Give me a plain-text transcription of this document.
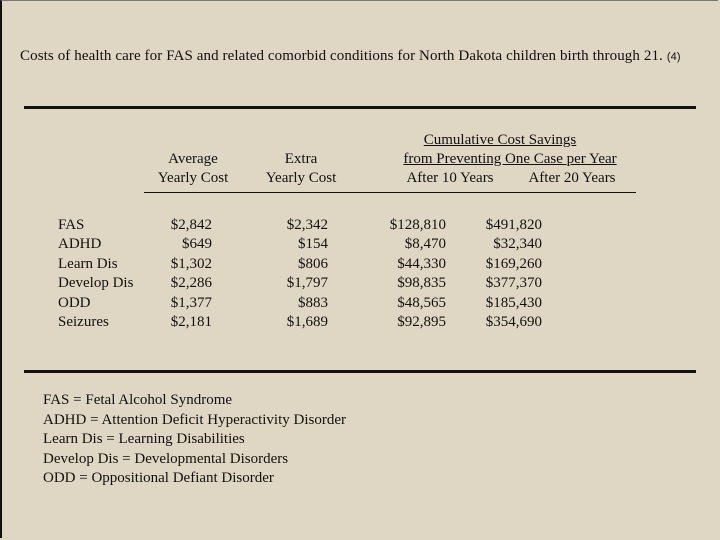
Costs of health care for FAS and related comorbid conditions for North Dakota children birth through 21. (4)
Average
Yearly Cost
Extra
Yearly Cost
Cumulative Cost Savings
from Preventing One Case per Year
After 10 Years	After 20 Years
FAS
ADHD
Learn Dis
Develop Dis
ODD
Seizures
$2,842
$649
$1,302
$2,286
$1,377
$2,181
$2,342
$154
$806
$1,797
$883
$1,689
$128,810
$8,470
$44,330
$98,835
$48,565
$92,895
$491,820
$32,340
$169,260
$377,370
$185,430
$354,690
FAS = Fetal Alcohol Syndrome
ADHD = Attention Deficit Hyperactivity Disorder
Learn Dis = Learning Disabilities
Develop Dis = Developmental Disorders
ODD = Oppositional Defiant Disorder
